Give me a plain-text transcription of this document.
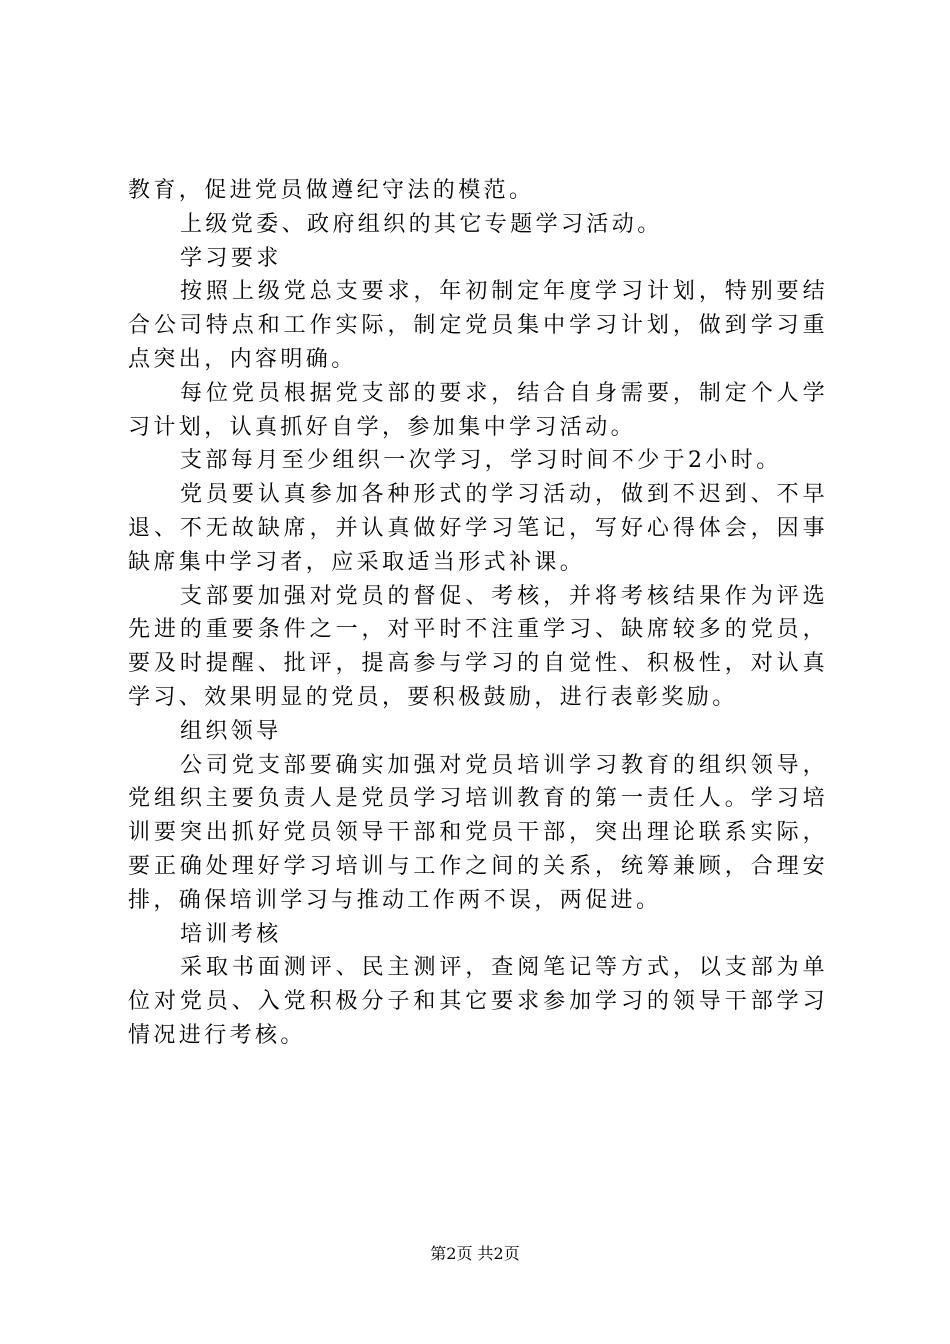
教育，促进党员做遵纪守法的模范。

上级党委、政府组织的其它专题学习活动。

学习要求

按照上级党总支要求，年初制定年度学习计划，特别要结合公司特点和工作实际，制定党员集中学习计划，做到学习重点突出，内容明确。

每位党员根据党支部的要求，结合自身需要，制定个人学习计划，认真抓好自学，参加集中学习活动。

支部每月至少组织一次学习，学习时间不少于2小时。

党员要认真参加各种形式的学习活动，做到不迟到、不早退、不无故缺席，并认真做好学习笔记，写好心得体会，因事缺席集中学习者，应采取适当形式补课。

支部要加强对党员的督促、考核，并将考核结果作为评选先进的重要条件之一，对平时不注重学习、缺席较多的党员，要及时提醒、批评，提高参与学习的自觉性、积极性，对认真学习、效果明显的党员，要积极鼓励，进行表彰奖励。

组织领导

公司党支部要确实加强对党员培训学习教育的组织领导，党组织主要负责人是党员学习培训教育的第一责任人。学习培训要突出抓好党员领导干部和党员干部，突出理论联系实际，要正确处理好学习培训与工作之间的关系，统筹兼顾，合理安排，确保培训学习与推动工作两不误，两促进。

培训考核

采取书面测评、民主测评，查阅笔记等方式，以支部为单位对党员、入党积极分子和其它要求参加学习的领导干部学习情况进行考核。

第2页 共2页
